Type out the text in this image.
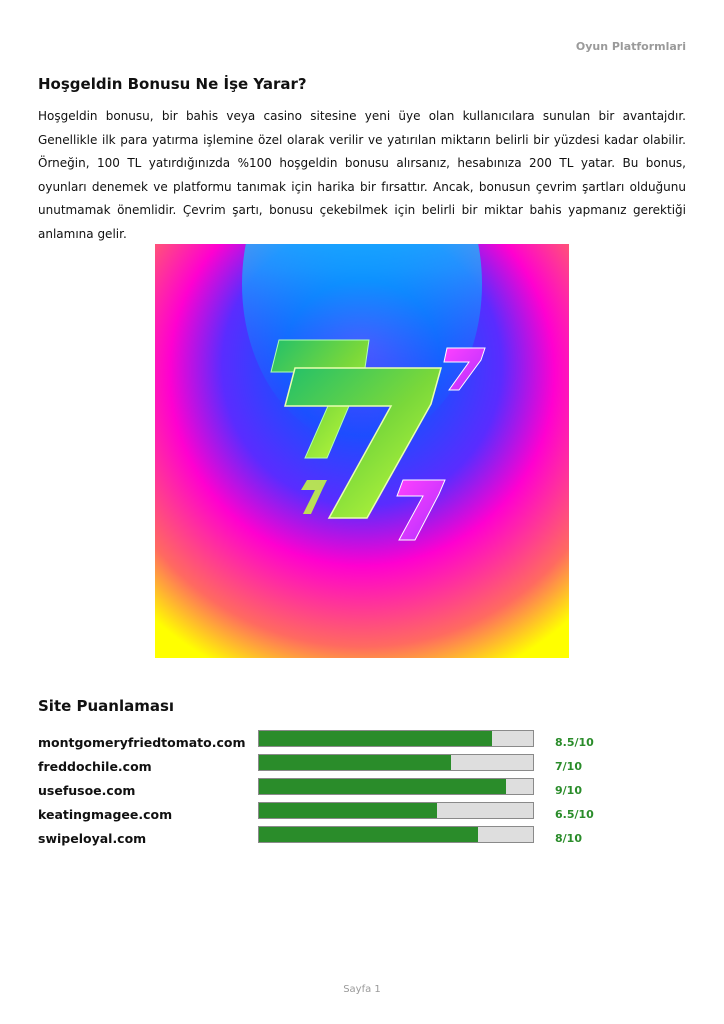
Oyun Platformlari
Hoşgeldin Bonusu Ne İşe Yarar?

Hoşgeldin bonusu, bir bahis veya casino sitesine yeni üye olan kullanıcılara sunulan bir avantajdır. Genellikle ilk para yatırma işlemine özel olarak verilir ve yatırılan miktarın belirli bir yüzdesi kadar olabilir. Örneğin, 100 TL yatırdığınızda %100 hoşgeldin bonusu alırsanız, hesabınıza 200 TL yatar. Bu bonus, oyunları denemek ve platformu tanımak için harika bir fırsattır. Ancak, bonusun çevrim şartları olduğunu unutmamak önemlidir. Çevrim şartı, bonusu çekebilmek için belirli bir miktar bahis yapmanız gerektiği anlamına gelir.

Site Puanlaması
montgomeryfriedtomato.com	8.5/10
freddochile.com	7/10
usefusoe.com	9/10
keatingmagee.com	6.5/10
swipeloyal.com	8/10
Sayfa 1
